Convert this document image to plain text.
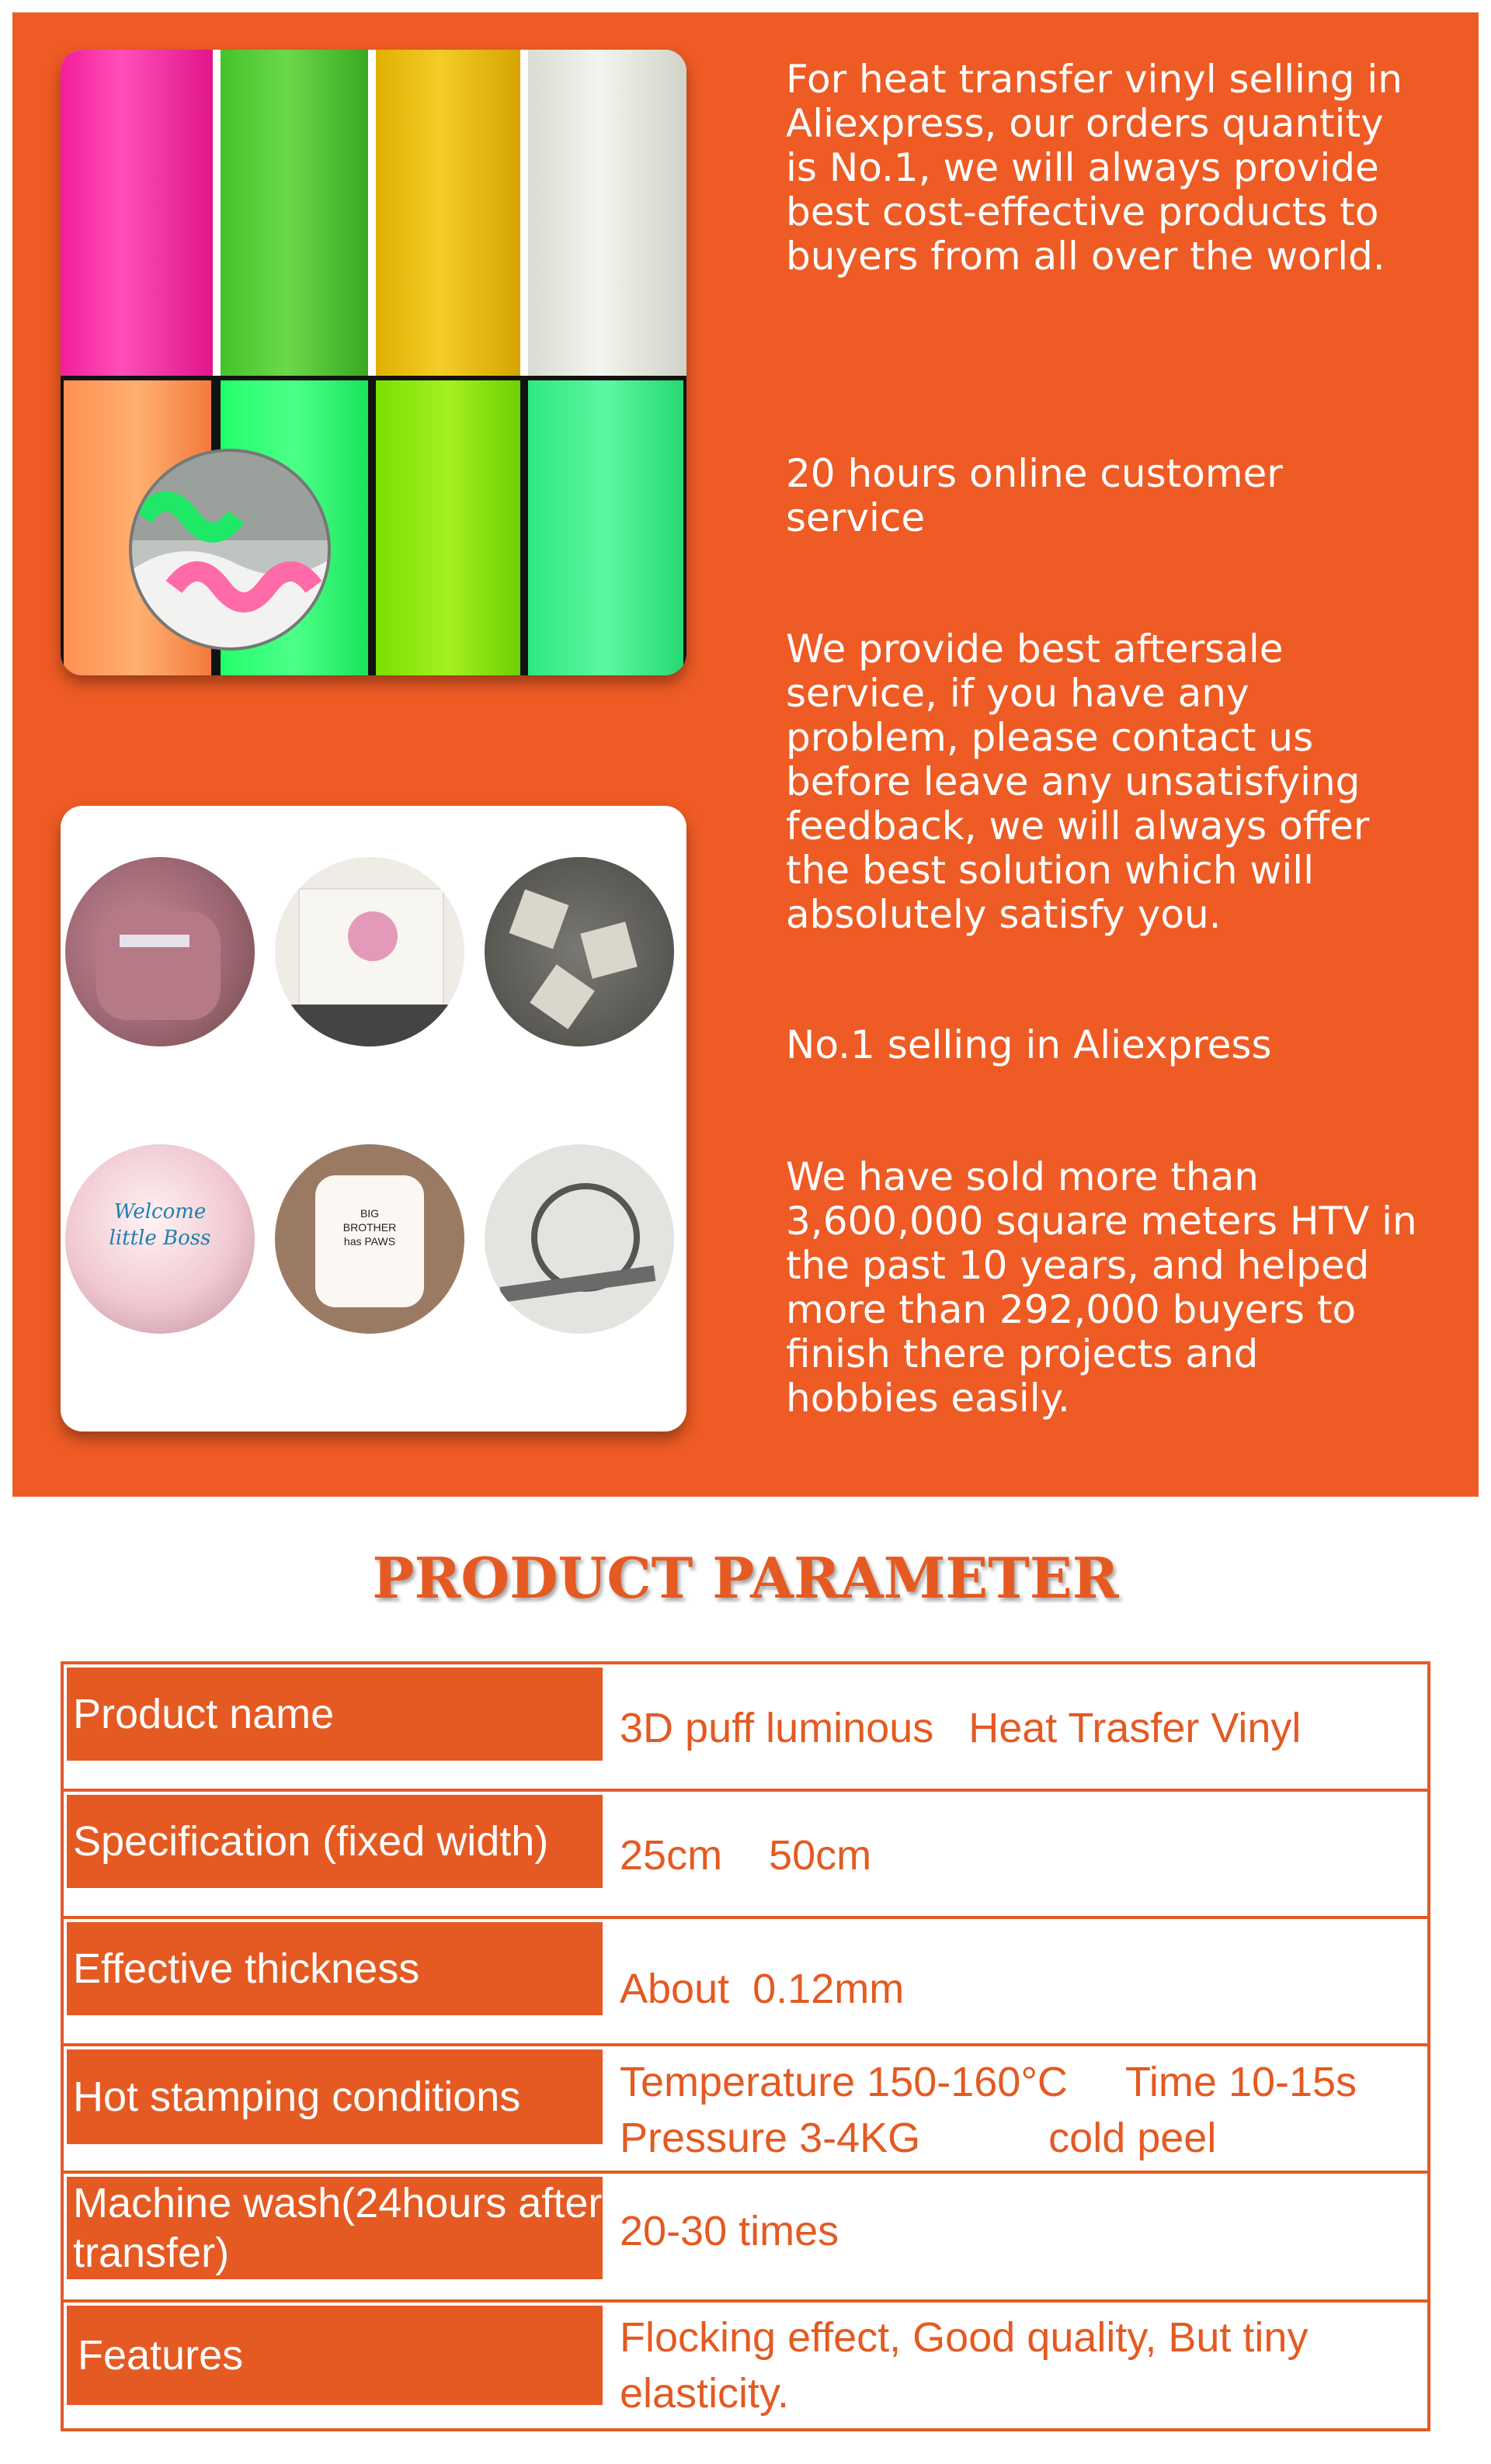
Welcome little Boss
BIG BROTHER has PAWS

For heat transfer vinyl selling in Aliexpress, our orders quantity is No.1, we will always provide best cost-effective products to buyers from all over the world.

20 hours online customer service

We provide best aftersale service, if you have any problem, please contact us before leave any unsatisfying feedback, we will always offer the best solution which will absolutely satisfy you.

No.1 selling in Aliexpress

We have sold more than 3,600,000 square meters HTV in the past 10 years, and helped more than 292,000 buyers to finish there projects and hobbies easily.

PRODUCT PARAMETER
Product name	3D puff luminous   Heat Trasfer Vinyl
Specification (fixed width)	25cm    50cm
Effective thickness	About  0.12mm
Hot stamping conditions	Temperature 150-160°C     Time 10-15s
Pressure 3-4KG           cold peel
Machine wash(24hours after transfer)	20-30 times
Features	Flocking effect, Good quality, But tiny elasticity.
